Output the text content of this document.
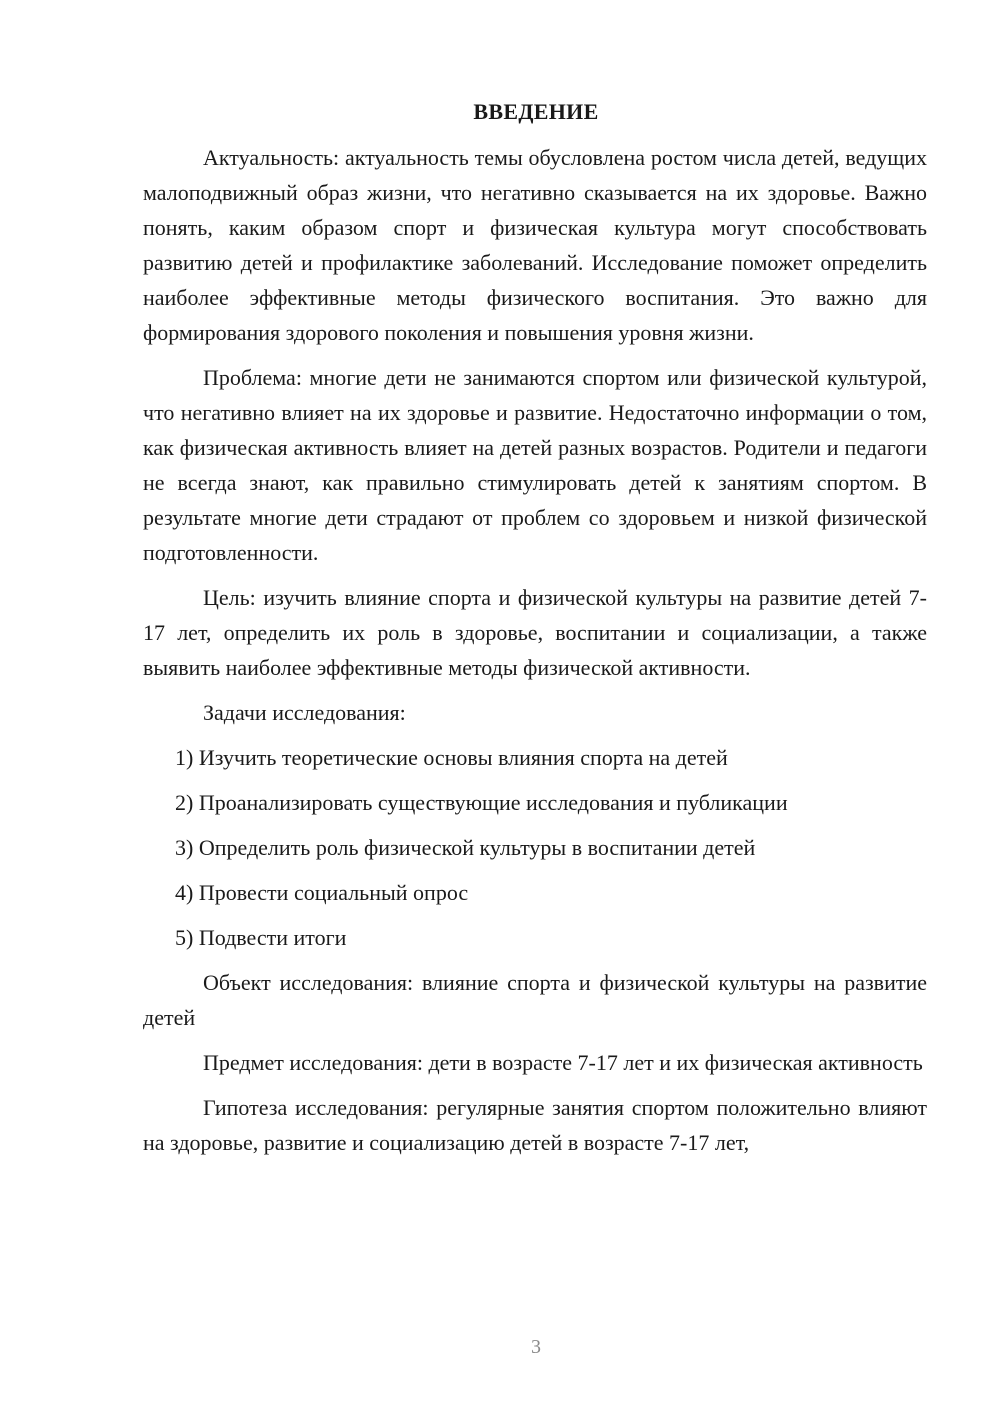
ВВЕДЕНИЕ

Актуальность: актуальность темы обусловлена ростом числа детей, ведущих малоподвижный образ жизни, что негативно сказывается на их здоровье. Важно понять, каким образом спорт и физическая культура могут способствовать развитию детей и профилактике заболеваний. Исследование поможет определить наиболее эффективные методы физического воспитания. Это важно для формирования здорового поколения и повышения уровня жизни.

Проблема: многие дети не занимаются спортом или физической культурой, что негативно влияет на их здоровье и развитие. Недостаточно информации о том, как физическая активность влияет на детей разных возрастов. Родители и педагоги не всегда знают, как правильно стимулировать детей к занятиям спортом. В результате многие дети страдают от проблем со здоровьем и низкой физической подготовленности.

Цель: изучить влияние спорта и физической культуры на развитие детей 7-17 лет, определить их роль в здоровье, воспитании и социализации, а также выявить наиболее эффективные методы физической активности.

Задачи исследования:

1) Изучить теоретические основы влияния спорта на детей

2) Проанализировать существующие исследования и публикации

3) Определить роль физической культуры в воспитании детей

4) Провести социальный опрос

5) Подвести итоги

Объект исследования: влияние спорта и физической культуры на развитие детей

Предмет исследования: дети в возрасте 7-17 лет и их физическая активность

Гипотеза исследования: регулярные занятия спортом положительно влияют на здоровье, развитие и социализацию детей в возрасте 7-17 лет,

3
